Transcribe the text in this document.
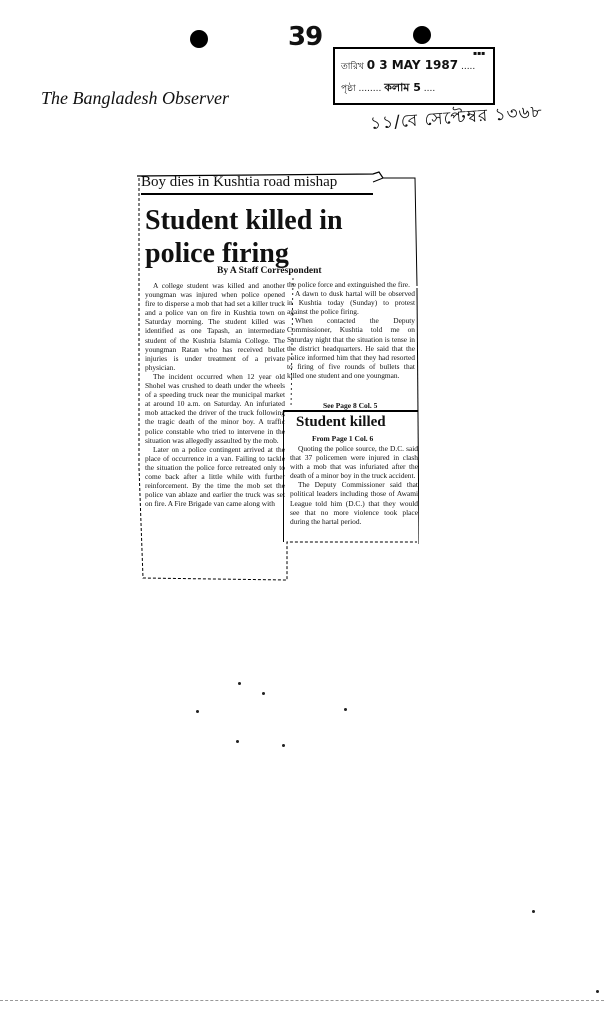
39
▪▪▪
তারিখ 0 3 MAY 1987 .....
পৃষ্ঠা ........ কলাম 5 ....
The Bangladesh Observer
১১/বে সেপ্টেম্বর ১৩৬৮
Boy dies in Kushtia road mishap
Student killed in police firing
By A Staff Correspondent

A college student was killed and another youngman was injured when police opened fire to disperse a mob that had set a killer truck and a police van on fire in Kushtia town on Saturday morning. The student killed was identified as one Tapash, an intermediate student of the Kushtia Islamia College. The youngman Ratan who has received bullet injuries is under treatment of a private physician.

The incident occurred when 12 year old Shohel was crushed to death under the wheels of a speeding truck near the municipal market at around 10 a.m. on Saturday. An infuriated mob attacked the driver of the truck following the tragic death of the minor boy. A traffic police constable who tried to intervene in the situation was allegedly assaulted by the mob.

Later on a police contingent arrived at the place of occurrence in a van. Failing to tackle the situation the police force retreated only to come back after a little while with further reinforcement. By the time the mob set the police van ablaze and earlier the truck was set on fire. A Fire Brigade van came along with

the police force and extinguished the fire.

A dawn to dusk hartal will be observed in Kushtia today (Sunday) to protest against the police firing.

When contacted the Deputy Commissioner, Kushtia told me on Saturday night that the situation is tense in the district headquarters. He said that the police informed him that they had resorted to firing of five rounds of bullets that killed one student and one youngman.

See Page 8 Col. 5
Student killed
From Page 1 Col. 6

Quoting the police source, the D.C. said that 37 policemen were injured in clash with a mob that was infuriated after the death of a minor boy in the truck accident.

The Deputy Commissioner said that political leaders including those of Awami League told him (D.C.) that they would see that no more violence took place during the hartal period.
